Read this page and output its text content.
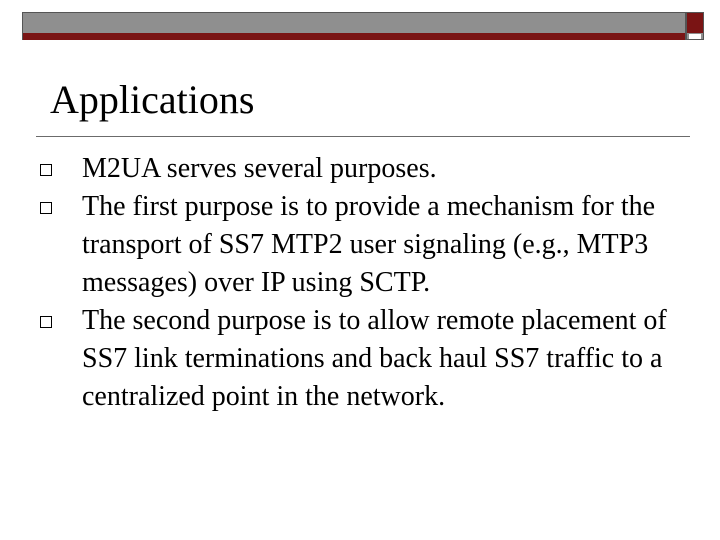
Applications
M2UA serves several purposes.
The first purpose is to provide a mechanism for the transport of SS7 MTP2 user signaling (e.g., MTP3 messages) over IP using SCTP.
The second purpose is to allow remote placement of SS7 link terminations and back haul SS7 traffic to a centralized point in the network.
